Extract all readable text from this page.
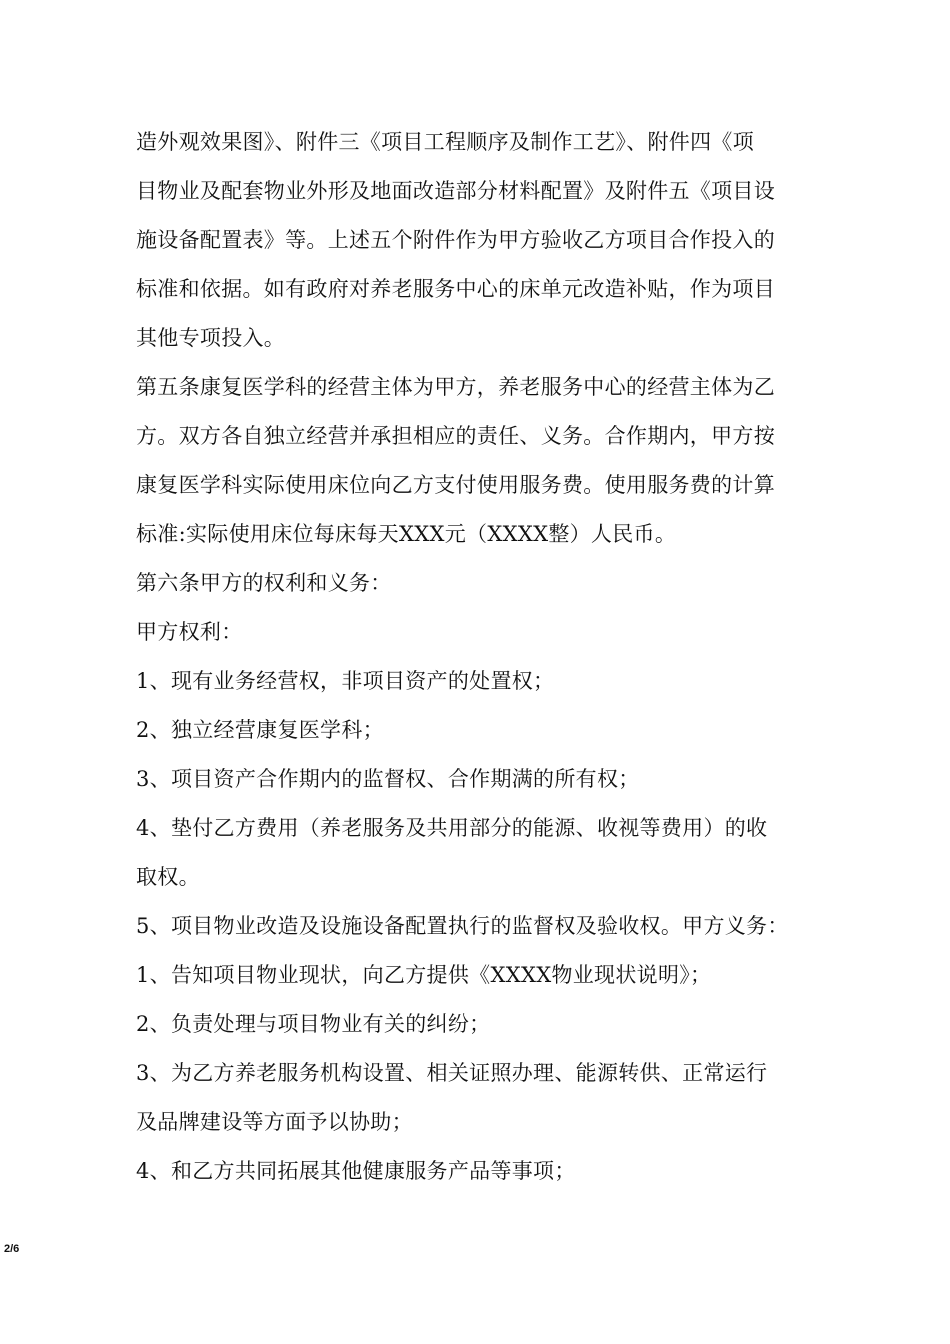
造外观效果图》、附件三《项目工程顺序及制作工艺》、附件四《项
目物业及配套物业外形及地面改造部分材料配置》及附件五《项目设
施设备配置表》等。上述五个附件作为甲方验收乙方项目合作投入的
标准和依据。如有政府对养老服务中心的床单元改造补贴，作为项目
其他专项投入。
第五条康复医学科的经营主体为甲方，养老服务中心的经营主体为乙
方。双方各自独立经营并承担相应的责任、义务。合作期内，甲方按
康复医学科实际使用床位向乙方支付使用服务费。使用服务费的计算
标准:实际使用床位每床每天XXX元（XXXX整）人民币。
第六条甲方的权利和义务：
甲方权利：
1、现有业务经营权，非项目资产的处置权；
2、独立经营康复医学科；
3、项目资产合作期内的监督权、合作期满的所有权；
4、垫付乙方费用（养老服务及共用部分的能源、收视等费用）的收
取权。
5、项目物业改造及设施设备配置执行的监督权及验收权。甲方义务：
1、告知项目物业现状，向乙方提供《XXXX物业现状说明》；
2、负责处理与项目物业有关的纠纷；
3、为乙方养老服务机构设置、相关证照办理、能源转供、正常运行
及品牌建设等方面予以协助；
4、和乙方共同拓展其他健康服务产品等事项；
2/6
